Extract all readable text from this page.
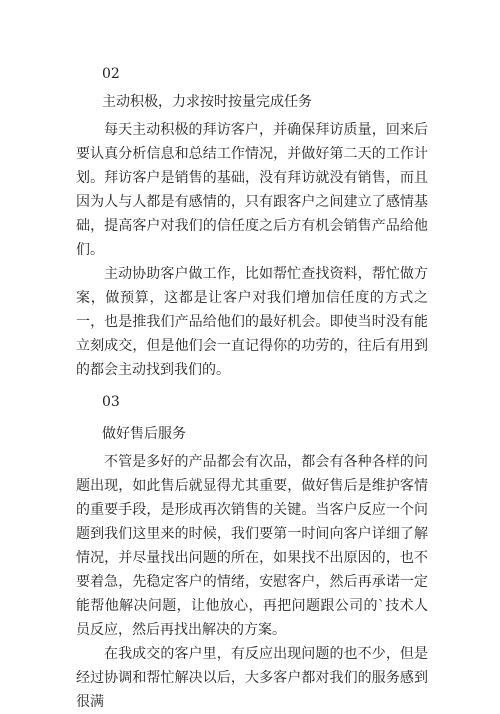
02

主动积极，力求按时按量完成任务

每天主动积极的拜访客户，并确保拜访质量，回来后要认真分析信息和总结工作情况，并做好第二天的工作计划。拜访客户是销售的基础，没有拜访就没有销售，而且因为人与人都是有感情的，只有跟客户之间建立了感情基础，提高客户对我们的信任度之后方有机会销售产品给他们。

主动协助客户做工作，比如帮忙查找资料，帮忙做方案，做预算，这都是让客户对我们增加信任度的方式之一，也是推我们产品给他们的最好机会。即使当时没有能立刻成交，但是他们会一直记得你的功劳的，往后有用到的都会主动找到我们的。

03

做好售后服务

不管是多好的产品都会有次品，都会有各种各样的问题出现，如此售后就显得尤其重要，做好售后是维护客情的重要手段，是形成再次销售的关键。当客户反应一个问题到我们这里来的时候，我们要第一时间向客户详细了解情况，并尽量找出问题的所在，如果找不出原因的，也不要着急，先稳定客户的情绪，安慰客户，然后再承诺一定能帮他解决问题，让他放心，再把问题跟公司的`技术人员反应，然后再找出解决的方案。

在我成交的客户里，有反应出现问题的也不少，但是经过协调和帮忙解决以后，大多客户都对我们的服务感到很满
